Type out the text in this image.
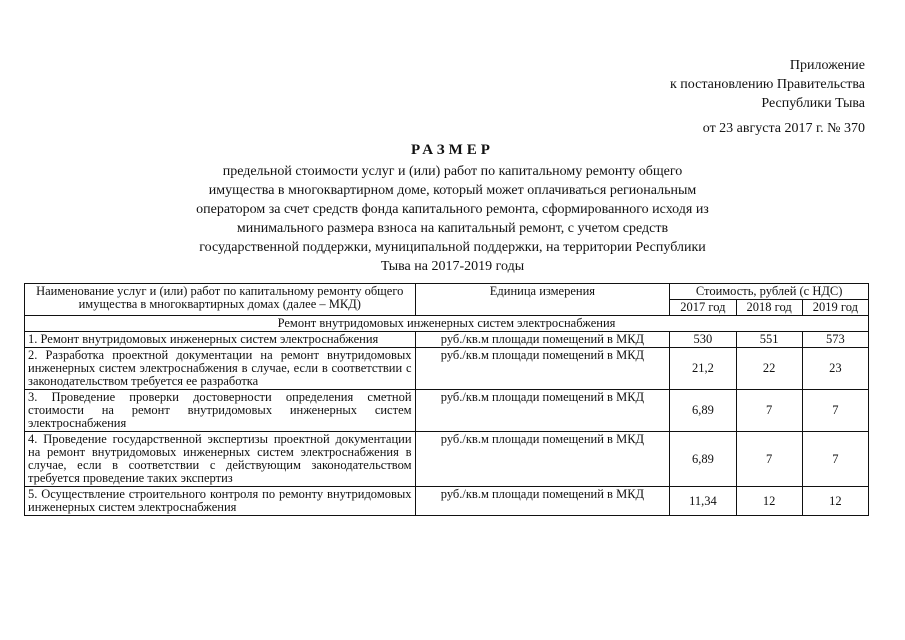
Приложение
к постановлению Правительства
Республики Тыва
от 23 августа 2017 г. № 370
РАЗМЕР
предельной стоимости услуг и (или) работ по капитальному ремонту общего имущества в многоквартирном доме, который может оплачиваться региональным оператором за счет средств фонда капитального ремонта, сформированного исходя из минимального размера взноса на капитальный ремонт, с учетом средств государственной поддержки, муниципальной поддержки, на территории Республики Тыва на 2017-2019 годы
Наименование услуг и (или) работ по капитальному ремонту общего имущества в многоквартирных домах (далее – МКД)	Единица измерения	Стоимость, рублей (с НДС)		
		2017 год	2018 год	2019 год
Ремонт внутридомовых инженерных систем электроснабжения				
1. Ремонт внутридомовых инженерных систем электроснабжения	руб./кв.м площади помещений в МКД	530	551	573
2. Разработка проектной документации на ремонт внутридомовых инженерных систем электроснабжения в случае, если в соответствии с законодательством требуется ее разработка	руб./кв.м площади помещений в МКД	21,2	22	23
3. Проведение проверки достоверности определения сметной стоимости на ремонт внутридомовых инженерных систем электроснабжения	руб./кв.м площади помещений в МКД	6,89	7	7
4. Проведение государственной экспертизы проектной документации на ремонт внутридомовых инженерных систем электроснабжения в случае, если в соответствии с действующим законодательством требуется проведение таких экспертиз	руб./кв.м площади помещений в МКД	6,89	7	7
5. Осуществление строительного контроля по ремонту внутридомовых инженерных систем электроснабжения	руб./кв.м площади помещений в МКД	11,34	12	12
